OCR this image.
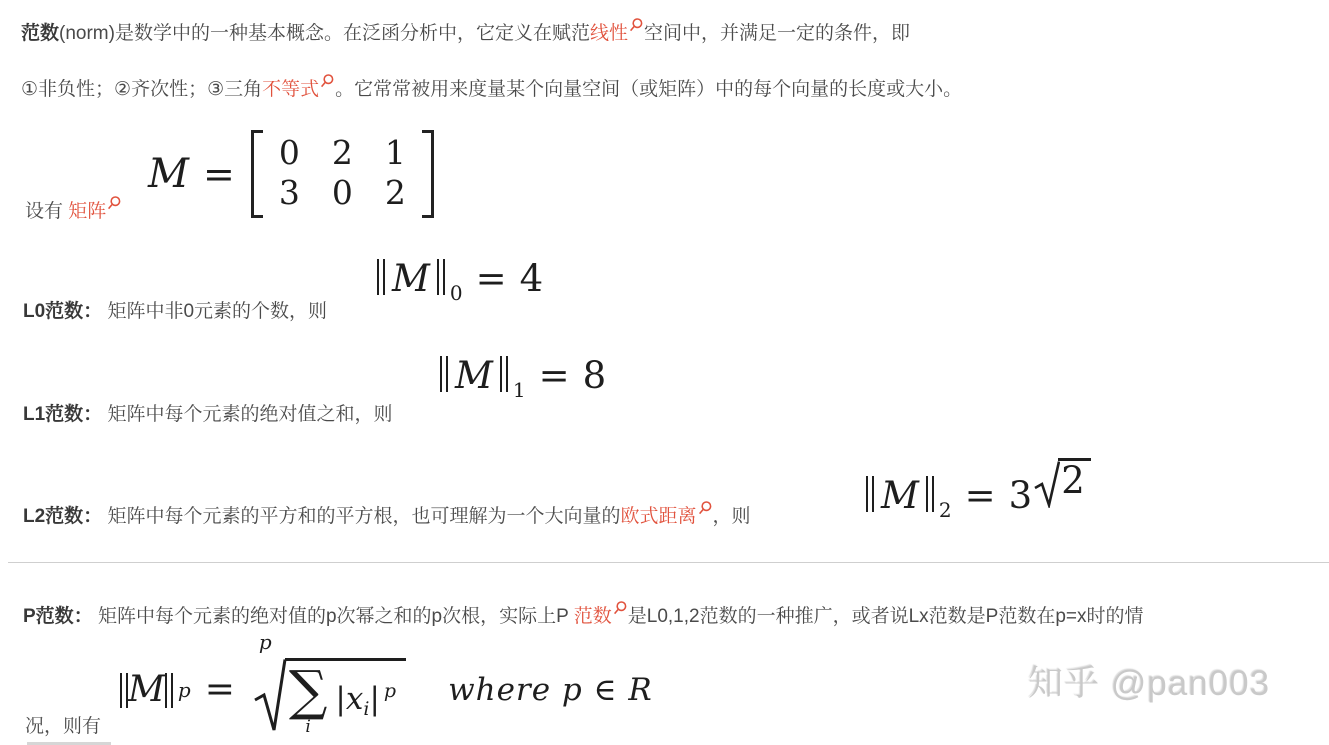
范数(norm)是数学中的一种基本概念。在泛函分析中，它定义在赋范线性 空间中，并满足一定的条件，即
①非负性；②齐次性；③三角不等式 。它常常被用来度量某个向量空间（或矩阵）中的每个向量的长度或大小。
M = 0 2 1
3 0 2
设有 矩阵
L0范数： 矩阵中非0元素的个数，则
M $_0$ = 4
L1范数： 矩阵中每个元素的绝对值之和，则
M $_1$ = 8
L2范数： 矩阵中每个元素的平方和的平方根，也可理解为一个大向量的欧式距离 ，则	M $_2$ = 3 2
P范数： 矩阵中每个元素的绝对值的p次幂之和的p次根，实际上P 范数 是L0,1,2范数的一种推广，或者说Lx范数是P范数在p=x时的情
M p =
p
∑
i
|xi| $^p$ where p ∈ R
况，则有
知乎 @pan003
